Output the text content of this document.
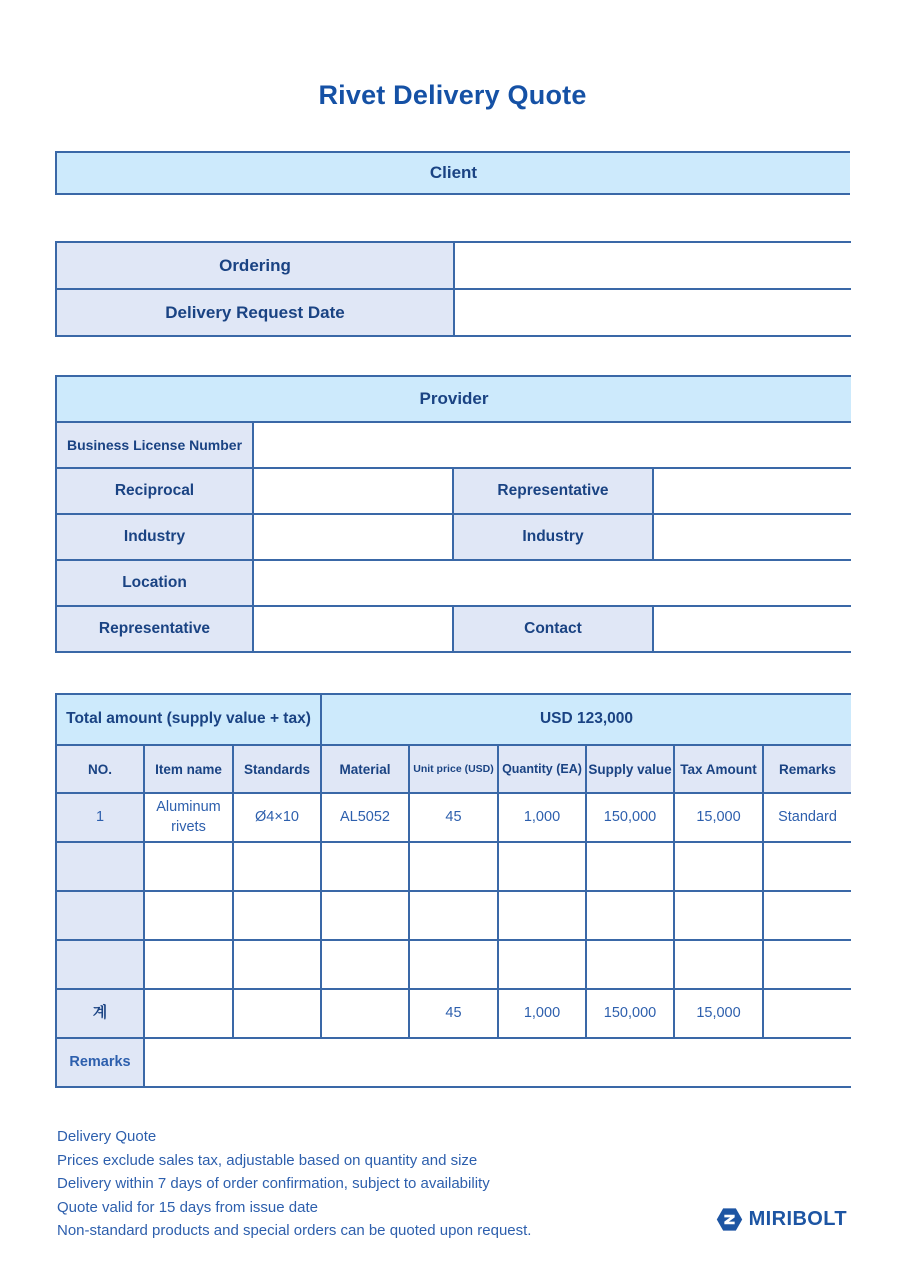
Rivet Delivery Quote
Client
Ordering	
Delivery Request Date	
Provider			
Business License Number			
Reciprocal		Representative	
Industry		Industry	
Location			
Representative		Contact	
Total amount (supply value + tax)			USD 123,000					
NO.	Item name	Standards	Material	Unit price (USD)	Quantity (EA)	Supply value	Tax Amount	Remarks
1	Aluminum rivets	Ø4×10	AL5052	45	1,000	150,000	15,000	Standard

계				45	1,000	150,000	15,000	
Remarks								
Delivery Quote
Prices exclude sales tax, adjustable based on quantity and size
Delivery within 7 days of order confirmation, subject to availability
Quote valid for 15 days from issue date
Non-standard products and special orders can be quoted upon request.
MIRIBOLT
